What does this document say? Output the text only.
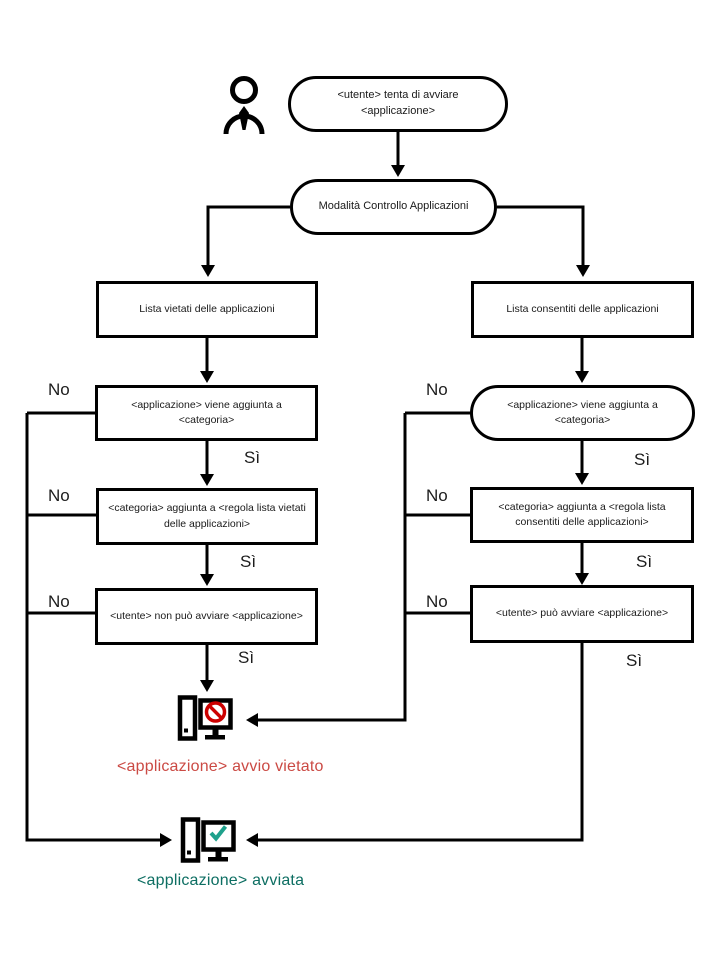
<utente> tenta di avviare
<applicazione>
Modalità Controllo Applicazioni
Lista vietati delle applicazioni	Lista consentiti delle applicazioni
<applicazione> viene aggiunta a
<categoria>
<applicazione> viene aggiunta a
<categoria>
<categoria> aggiunta a <regola lista vietati
delle applicazioni>
<categoria> aggiunta a <regola lista
consentiti delle applicazioni>
<utente> non può avviare <applicazione>	<utente> può avviare <applicazione>
No
No
No
No
No
No
Sì
Sì
Sì
Sì
Sì
Sì
<applicazione> avvio vietato
<applicazione> avviata
